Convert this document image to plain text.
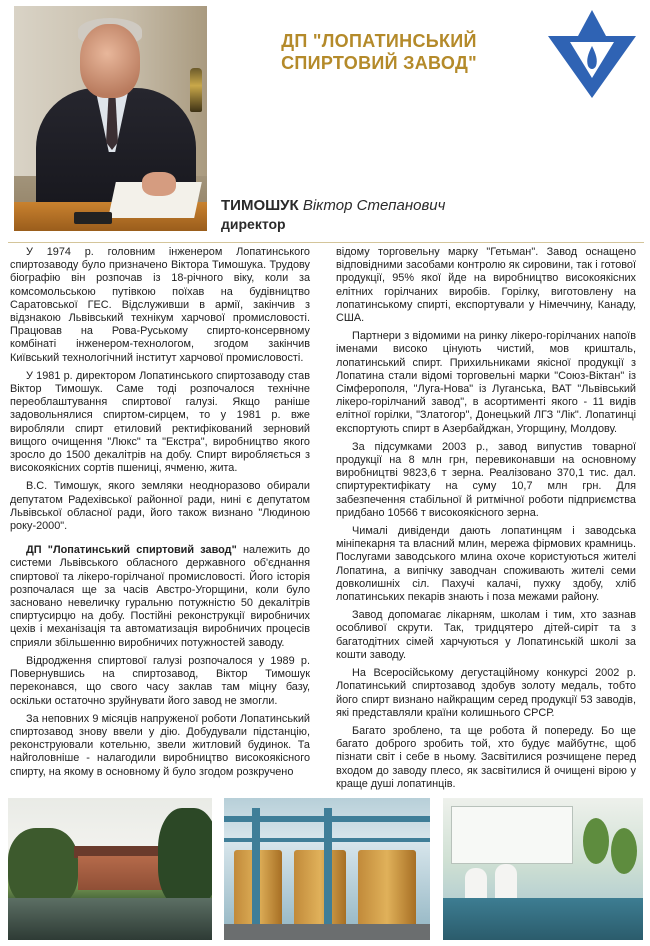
ДП "ЛОПАТИНСЬКИЙ
СПИРТОВИЙ ЗАВОД"
ТИМОШУК Віктор Степанович
директор

У 1974 р. головним інженером Лопатинського спиртозаводу було призначено Віктора Тимошука. Трудову біографію він розпочав із 18-річного віку, коли за комсомольською путівкою поїхав на будівництво Саратовської ГЕС. Відслуживши в армії, закінчив з відзнакою Львівський технікум харчової промисловості. Працював на Рова-Руському спирто-консервному комбінаті інженером-технологом, згодом закінчив Київський технологічний інститут харчової промисловості.

У 1981 р. директором Лопатинського спиртозаводу став Віктор Тимошук. Саме тоді розпочалося технічне переоблаштування спиртової галузі. Якщо раніше задовольнялися спиртом-сирцем, то у 1981 р. вже виробляли спирт етиловий ректифікований зерновий вищого очищення "Люкс" та "Екстра", виробництво якого зросло до 1500 декалітрів на добу. Спирт виробляється з високоякісних сортів пшениці, ячменю, жита.

В.С. Тимошук, якого земляки неодноразово обирали депутатом Радехівської районної ради, нині є депутатом Львівської обласної ради, його також визнано "Людиною року-2000".

ДП "Лопатинський спиртовий завод" належить до системи Львівського обласного державного об'єднання спиртової та лікеро-горілчаної промисловості. Його історія розпочалася ще за часів Австро-Угорщини, коли було засновано невеличку гуральню потужністю 50 декалітрів спиртусирцю на добу. Постійні реконструкції виробничих цехів і механізація та автоматизація виробничих процесів сприяли збільшенню виробничих потужностей заводу.

Відродження спиртової галузі розпочалося у 1989 р. Повернувшись на спиртозавод, Віктор Тимошук переконався, що свого часу заклав там міцну базу, оскільки остаточно зруйнувати його завод не змогли.

За неповних 9 місяців напруженої роботи Лопатинський спиртозавод знову ввели у дію. Добудували підстанцію, реконструювали котельню, звели житловий будинок. Та найголовніше - налагодили виробництво високоякісного спирту, на якому в основному й було згодом розкручено

відому торговельну марку "Гетьман". Завод оснащено відповідними засобами контролю як сировини, так і готової продукції, 95% якої йде на виробництво високоякісних елітних горілчаних виробів. Горілку, виготовлену на лопатинському спирті, експортували у Німеччину, Канаду, США.

Партнери з відомими на ринку лікеро-горілчаних напоїв іменами високо цінують чистий, мов кришталь, лопатинський спирт. Прихильниками якісної продукції з Лопатина стали відомі торговельні марки "Союз-Віктан" із Сімферополя, "Луга-Нова" із Луганська, ВАТ "Львівський лікеро-горілчаний завод", в асортименті якого - 11 видів елітної горілки, "Златогор", Донецький ЛГЗ "Лік". Лопатинці експортують спирт в Азербайджан, Угорщину, Молдову.

За підсумками 2003 р., завод випустив товарної продукції на 8 млн грн, перевиконавши на основному виробництві 9823,6 т зерна. Реалізовано 370,1 тис. дал. спиртуректифікату на суму 10,7 млн грн. Для забезпечення стабільної й ритмічної роботи підприємства придбано 10566 т високоякісного зерна.

Чималі дивіденди дають лопатинцям і заводська мініпекарня та власний млин, мережа фірмових крамниць. Послугами заводського млина охоче користуються жителі Лопатина, а випічку заводчан споживають жителі семи довколишніх сіл. Пахучі калачі, пухку здобу, хліб лопатинських пекарів знають і поза межами району.

Завод допомагає лікарням, школам і тим, хто зазнав особливої скрути. Так, тридцятеро дітей-сиріт та з багатодітних сімей харчуються у Лопатинській школі за кошти заводу.

На Всеросійському дегустаційному конкурсі 2002 р. Лопатинський спиртозавод здобув золоту медаль, тобто його спирт визнано найкращим серед продукції 53 заводів, які представляли країни колишнього СРСР.

Багато зроблено, та ще робота й попереду. Бо ще багато доброго зробить той, хто будує майбутнє, щоб пізнати світ і себе в ньому. Засвітилися розчищене перед входом до заводу плесо, як засвітилися й очищені вірою у краще душі лопатинців.
